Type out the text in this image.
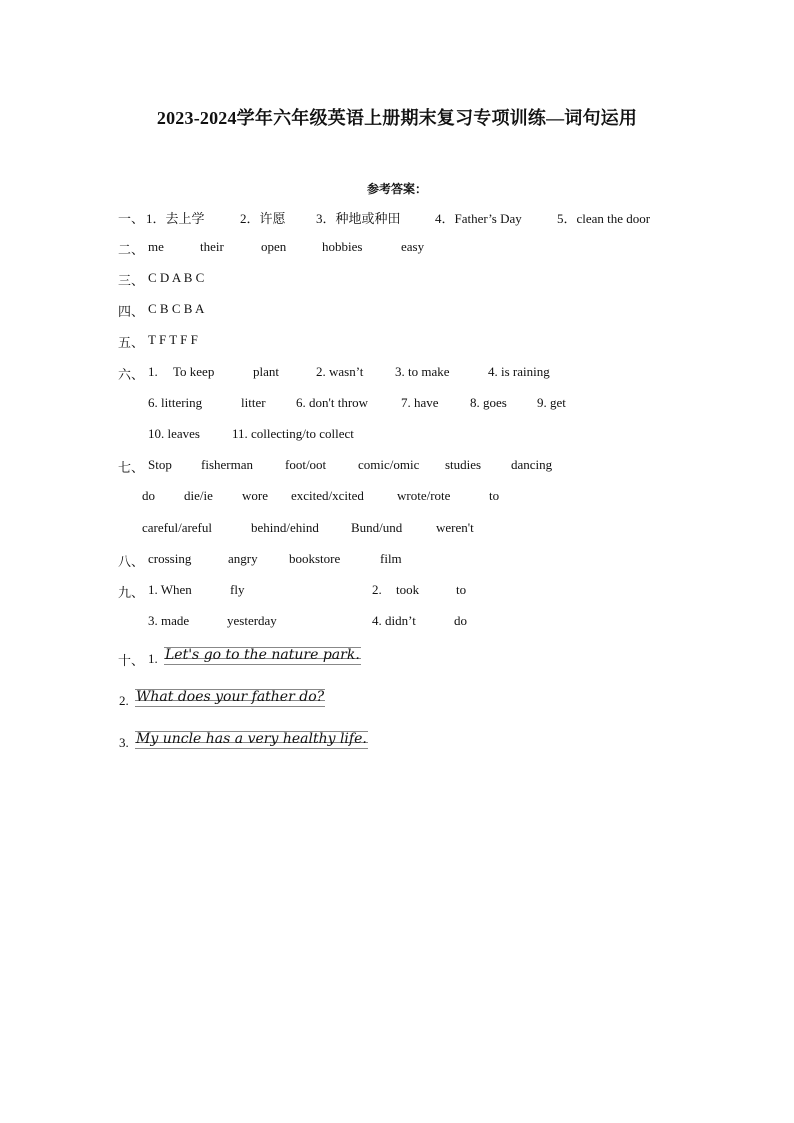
2023-2024学年六年级英语上册期末复习专项训练—词句运用
参考答案：
一、 1．去上学	2．许愿 3．种地或种田	4．Father’s Day	5．clean the door
二、 me	their	open	hobbies	easy
三、 C D A B C
四、 C B C B A
五、 T F T F F
六、 1. To keep	plant	2. wasn’t 3. to make	4. is raining
6. littering	litter 6. don't throw	7. have 8. goes 9. get
10. leaves 11. collecting/to collect
七、 Stop fisherman foot/oot comic/omic studies dancing
do die/ie wore excited/xcited	wrote/rote	to
careful/areful	behind/ehind Bund/und	weren't
八、 crossing	angry bookstore	film
九、 1. When	fly	2. took	to
3. made	yesterday	4. didn’t	do
十、 1. Let's go to the nature park.
2. What does your father do?
3. My uncle has a very healthy life.
